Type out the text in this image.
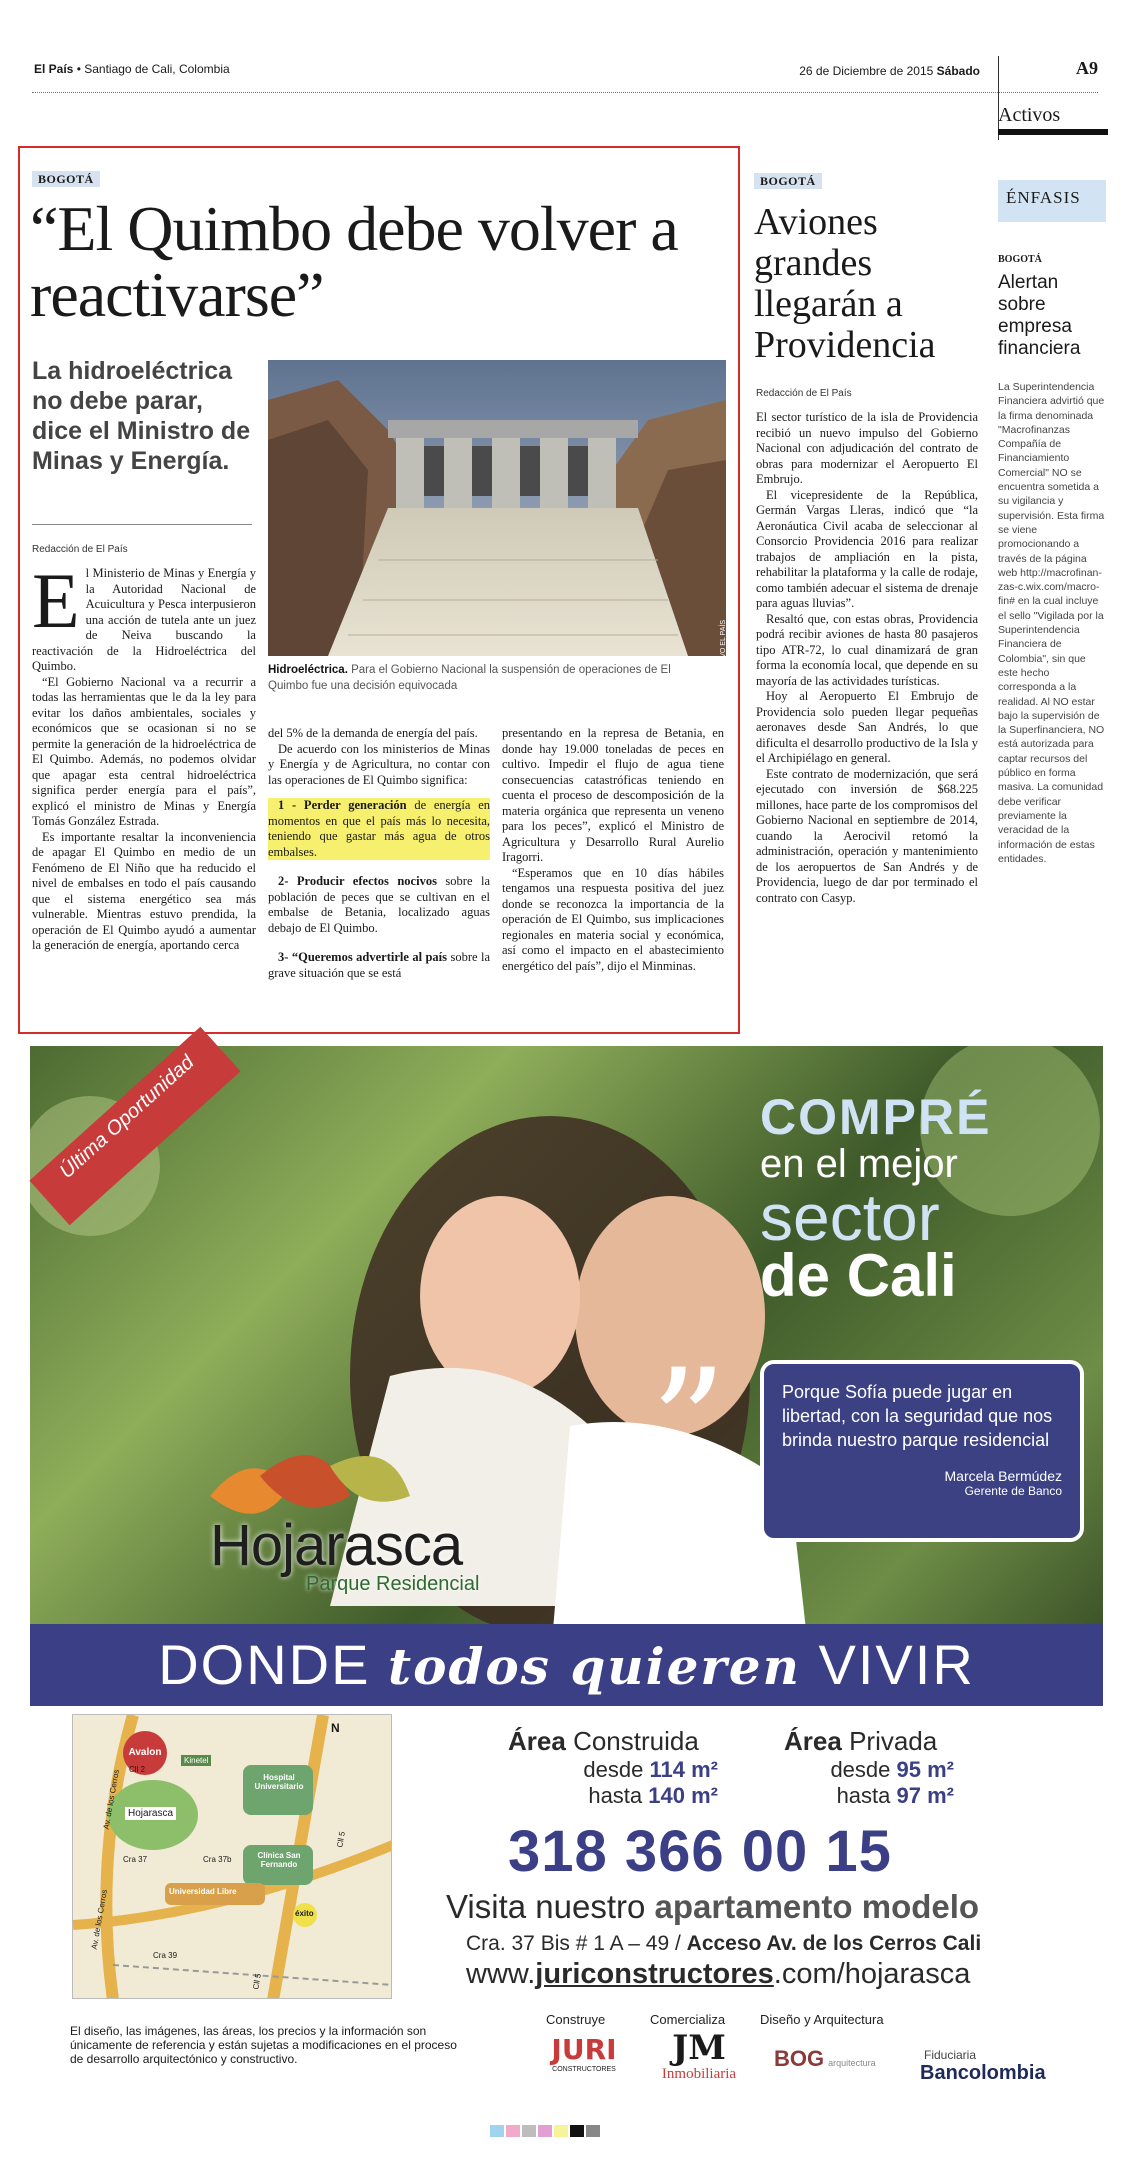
El País • Santiago de Cali, Colombia	26 de Diciembre de 2015 Sábado	A9
Activos
BOGOTÁ
“El Quimbo debe volver a reactivarse”
La hidroeléctrica no debe parar, dice el Ministro de Minas y Energía.
Redacción de El País
ARCHIVO EL PAÍS
Hidroeléctrica. Para el Gobierno Nacional la suspensión de operaciones de El Quimbo fue una decisión equivocada

El Ministerio de Minas y Energía y la Autoridad Nacional de Acuicultura y Pesca interpusieron una acción de tutela ante un juez de Neiva buscando la reactivación de la Hidroeléctrica del Quimbo.

“El Gobierno Nacional va a recurrir a todas las herramientas que le da la ley para evitar los daños ambientales, sociales y económicos que se ocasionan si no se permite la generación de la hidroeléctrica de El Quimbo. Además, no podemos olvidar que apagar esta central hidroeléctrica significa perder energía para el país”, explicó el ministro de Minas y Energía Tomás González Estrada.

Es importante resaltar la inconveniencia de apagar El Quimbo en medio de un Fenómeno de El Niño que ha reducido el nivel de embalses en todo el país causando que el sistema energético sea más vulnerable. Mientras estuvo prendida, la operación de El Quimbo ayudó a aumentar la generación de energía, aportando cerca

del 5% de la demanda de energía del país.

De acuerdo con los ministerios de Minas y Energía y de Agricultura, no contar con las operaciones de El Quimbo significa:

1 - Perder generación de energía en momentos en que el país más lo necesita, teniendo que gastar más agua de otros embalses.

2- Producir efectos nocivos sobre la población de peces que se cultivan en el embalse de Betania, localizado aguas debajo de El Quimbo.

3- “Queremos advertirle al país sobre la grave situación que se está

presentando en la represa de Betania, en donde hay 19.000 toneladas de peces en cultivo. Impedir el flujo de agua tiene consecuencias catastróficas teniendo en cuenta el proceso de descomposición de la materia orgánica que representa un veneno para los peces”, explicó el Ministro de Agricultura y Desarrollo Rural Aurelio Iragorri.

“Esperamos que en 10 días hábiles tengamos una respuesta positiva del juez donde se reconozca la importancia de la operación de El Quimbo, sus implicaciones regionales en materia social y económica, así como el impacto en el abastecimiento energético del país”, dijo el Minminas.

BOGOTÁ
Aviones grandes llegarán a Providencia
Redacción de El País

El sector turístico de la isla de Providencia recibió un nuevo impulso del Gobierno Nacional con adjudicación del contrato de obras para modernizar el Aeropuerto El Embrujo.

El vicepresidente de la República, Germán Vargas Lleras, indicó que “la Aeronáutica Civil acaba de seleccionar al Consorcio Providencia 2016 para realizar trabajos de ampliación en la pista, rehabilitar la plataforma y la calle de rodaje, como también adecuar el sistema de drenaje para aguas lluvias”.

Resaltó que, con estas obras, Providencia podrá recibir aviones de hasta 80 pasajeros tipo ATR-72, lo cual dinamizará de gran forma la economía local, que depende en su mayoría de las actividades turísticas.

Hoy al Aeropuerto El Embrujo de Providencia solo pueden llegar pequeñas aeronaves desde San Andrés, lo que dificulta el desarrollo productivo de la Isla y el Archipiélago en general.

Este contrato de modernización, que será ejecutado con inversión de $68.225 millones, hace parte de los compromisos del Gobierno Nacional en septiembre de 2014, cuando la Aerocivil retomó la administración, operación y mantenimiento de los aeropuertos de San Andrés y de Providencia, luego de dar por terminado el contrato con Casyp.

ÉNFASIS
BOGOTÁ
Alertan sobre empresa financiera
La Superintendencia Financiera advirtió que la firma denominada "Macrofinanzas Compañía de Financiamiento Comercial" NO se encuentra sometida a su vigilancia y supervisión. Esta firma se viene promocionando a través de la página web http://macrofinan-zas-c.wix.com/macro-fin# en la cual incluye el sello "Vigilada por la Superintendencia Financiera de Colombia", sin que este hecho corresponda a la realidad. Al NO estar bajo la supervisión de la Superfinanciera, NO está autorizada para captar recursos del público en forma masiva. La comunidad debe verificar previamente la veracidad de la información de estas entidades.
Última Oportunidad	COMPRÉ
en el mejor
sector
de Cali
”	Porque Sofía puede jugar en libertad, con la seguridad que nos brinda nuestro parque residencial
Marcela Bermúdez
Gerente de Banco
Hojarasca
Parque Residencial
DONDE todos quieren VIVIR
Avalon
Av. de los Cerros
Av. de los Cerros
Kinetel
Cll 2
Hojarasca
Hospital Universitario
Clínica San Fernando
Cra 37	Cra 37b
Universidad Libre
Cll 5
Cll 5
éxito
Cra 39
N	Área Construida
desde 114 m²
hasta 140 m²
Área Privada
desde 95 m²
hasta 97 m²
318 366 00 15
Visita nuestro apartamento modelo
Cra. 37 Bis # 1 A – 49 / Acceso Av. de los Cerros Cali
www.juriconstructores.com/hojarasca
El diseño, las imágenes, las áreas, los precios y la información son únicamente de referencia y están sujetas a modificaciones en el proceso de desarrollo arquitectónico y constructivo.
Construye	Comercializa	Diseño y Arquitectura
Fiduciaria
JURI
CONSTRUCTORES
JM
Inmobiliaria
BOG arquitectura Bancolombia
